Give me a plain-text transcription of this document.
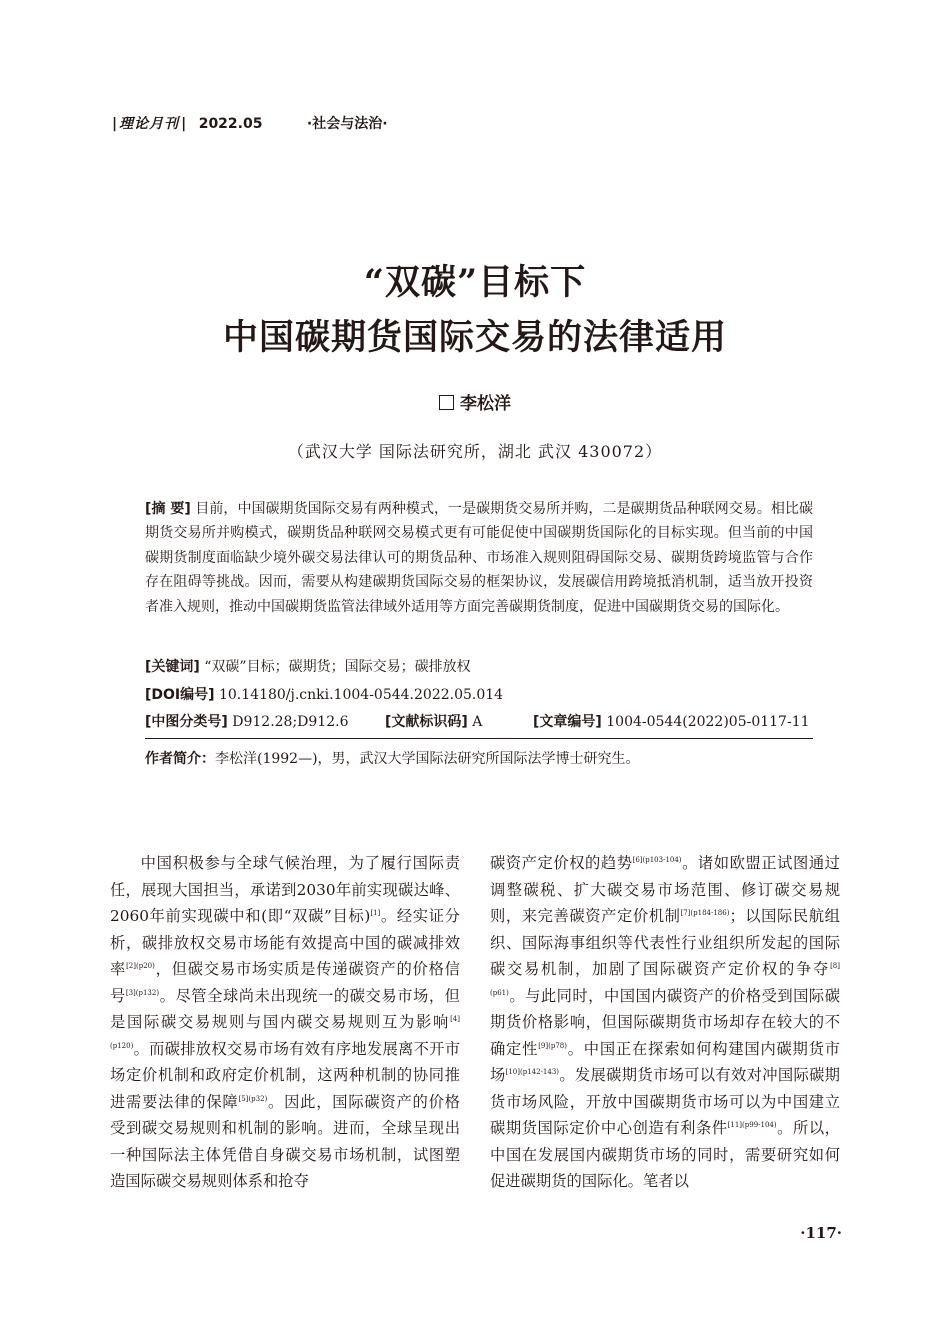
| 理论月刊 | 2022.05	·社会与法治·
“双碳”目标下
中国碳期货国际交易的法律适用
李松洋
（武汉大学 国际法研究所，湖北 武汉 430072）
[摘 要] 目前，中国碳期货国际交易有两种模式，一是碳期货交易所并购，二是碳期货品种联网交易。相比碳期货交易所并购模式，碳期货品种联网交易模式更有可能促使中国碳期货国际化的目标实现。但当前的中国碳期货制度面临缺少境外碳交易法律认可的期货品种、市场准入规则阻碍国际交易、碳期货跨境监管与合作存在阻碍等挑战。因而，需要从构建碳期货国际交易的框架协议，发展碳信用跨境抵消机制，适当放开投资者准入规则，推动中国碳期货监管法律域外适用等方面完善碳期货制度，促进中国碳期货交易的国际化。
[关键词] “双碳”目标；碳期货；国际交易；碳排放权
[DOI编号] 10.14180/j.cnki.1004-0544.2022.05.014
[中图分类号] D912.28;D912.6	[文献标识码] A	[文章编号] 1004-0544(2022)05-0117-11
作者简介：李松洋(1992—)，男，武汉大学国际法研究所国际法学博士研究生。

中国积极参与全球气候治理，为了履行国际责任，展现大国担当，承诺到2030年前实现碳达峰、2060年前实现碳中和(即“双碳”目标)[1]。经实证分析，碳排放权交易市场能有效提高中国的碳减排效率$^{[2](p20)}$，但碳交易市场实质是传递碳资产的价格信号$^{[3](p132)}$。尽管全球尚未出现统一的碳交易市场，但是国际碳交易规则与国内碳交易规则互为影响$^{[4](p120)}$。而碳排放权交易市场有效有序地发展离不开市场定价机制和政府定价机制，这两种机制的协同推进需要法律的保障$^{[5](p32)}$。因此，国际碳资产的价格受到碳交易规则和机制的影响。进而，全球呈现出一种国际法主体凭借自身碳交易市场机制，试图塑造国际碳交易规则体系和抢夺

碳资产定价权的趋势$^{[6](p103-104)}$。诸如欧盟正试图通过调整碳税、扩大碳交易市场范围、修订碳交易规则，来完善碳资产定价机制$^{[7](p184-186)}$；以国际民航组织、国际海事组织等代表性行业组织所发起的国际碳交易机制，加剧了国际碳资产定价权的争夺$^{[8](p61)}$。与此同时，中国国内碳资产的价格受到国际碳期货价格影响，但国际碳期货市场却存在较大的不确定性$^{[9](p78)}$。中国正在探索如何构建国内碳期货市场$^{[10](p142-143)}$。发展碳期货市场可以有效对冲国际碳期货市场风险，开放中国碳期货市场可以为中国建立碳期货国际定价中心创造有利条件$^{[11](p99-104)}$。所以，中国在发展国内碳期货市场的同时，需要研究如何促进碳期货的国际化。笔者以

·117·
